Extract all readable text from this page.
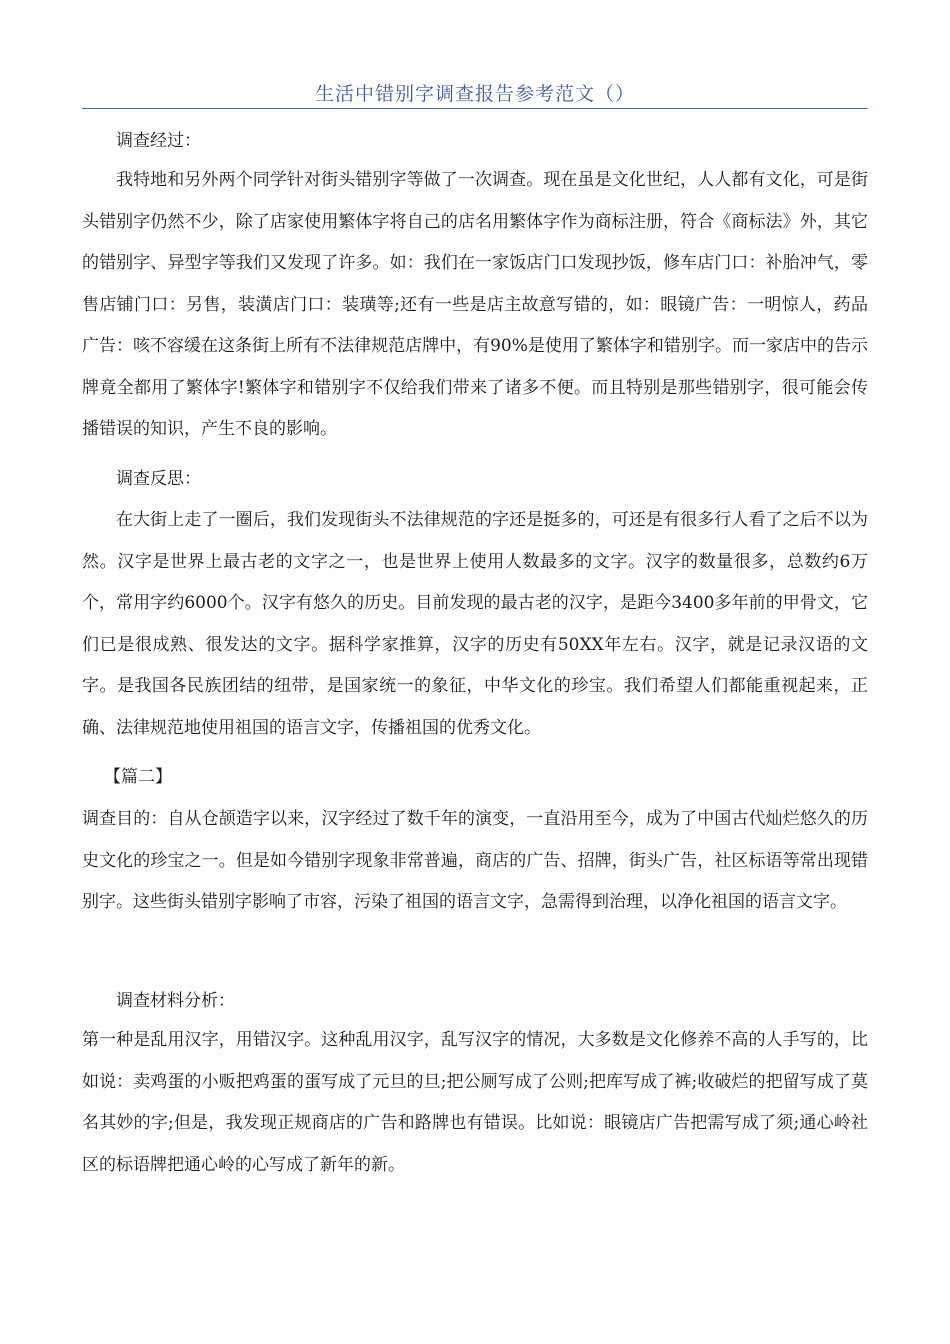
生活中错别字调查报告参考范文（）
调查经过：
我特地和另外两个同学针对街头错别字等做了一次调查。现在虽是文化世纪，人人都有文化，可是街头错别字仍然不少，除了店家使用繁体字将自己的店名用繁体字作为商标注册，符合《商标法》外，其它的错别字、异型字等我们又发现了许多。如：我们在一家饭店门口发现抄饭，修车店门口：补胎冲气，零售店铺门口：另售，装潢店门口：装璜等;还有一些是店主故意写错的，如：眼镜广告：一明惊人，药品广告：咳不容缓在这条街上所有不法律规范店牌中，有90%是使用了繁体字和错别字。而一家店中的告示牌竟全都用了繁体字!繁体字和错别字不仅给我们带来了诸多不便。而且特别是那些错别字，很可能会传播错误的知识，产生不良的影响。
调查反思：
在大街上走了一圈后，我们发现街头不法律规范的字还是挺多的，可还是有很多行人看了之后不以为然。汉字是世界上最古老的文字之一，也是世界上使用人数最多的文字。汉字的数量很多，总数约6万个，常用字约6000个。汉字有悠久的历史。目前发现的最古老的汉字，是距今3400多年前的甲骨文，它们已是很成熟、很发达的文字。据科学家推算，汉字的历史有50XX年左右。汉字，就是记录汉语的文字。是我国各民族团结的纽带，是国家统一的象征，中华文化的珍宝。我们希望人们都能重视起来，正确、法律规范地使用祖国的语言文字，传播祖国的优秀文化。
【篇二】
调查目的：自从仓颉造字以来，汉字经过了数千年的演变，一直沿用至今，成为了中国古代灿烂悠久的历史文化的珍宝之一。但是如今错别字现象非常普遍，商店的广告、招牌，街头广告，社区标语等常出现错别字。这些街头错别字影响了市容，污染了祖国的语言文字，急需得到治理，以净化祖国的语言文字。
调查材料分析：
第一种是乱用汉字，用错汉字。这种乱用汉字，乱写汉字的情况，大多数是文化修养不高的人手写的，比如说：卖鸡蛋的小贩把鸡蛋的蛋写成了元旦的旦;把公厕写成了公则;把库写成了裤;收破烂的把留写成了莫名其妙的字;但是，我发现正规商店的广告和路牌也有错误。比如说：眼镜店广告把需写成了须;通心岭社区的标语牌把通心岭的心写成了新年的新。
